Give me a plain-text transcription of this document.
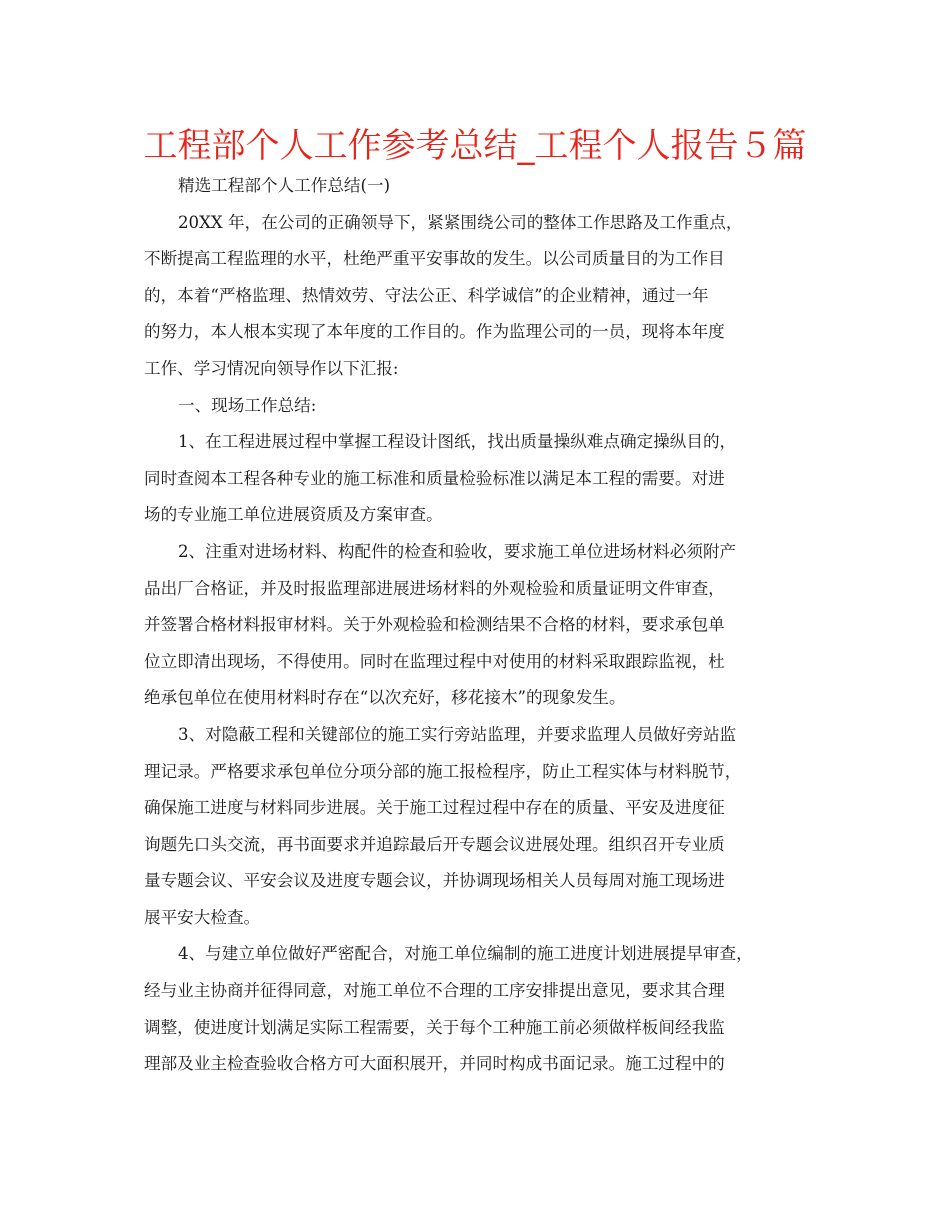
工程部个人工作参考总结_工程个人报告５篇
精选工程部个人工作总结(一)
20XX 年，在公司的正确领导下，紧紧围绕公司的整体工作思路及工作重点，
不断提高工程监理的水平，杜绝严重平安事故的发生。以公司质量目的为工作目
的，本着“严格监理、热情效劳、守法公正、科学诚信”的企业精神，通过一年
的努力，本人根本实现了本年度的工作目的。作为监理公司的一员，现将本年度
工作、学习情况向领导作以下汇报:
一、现场工作总结:
1、在工程进展过程中掌握工程设计图纸，找出质量操纵难点确定操纵目的，
同时查阅本工程各种专业的施工标准和质量检验标准以满足本工程的需要。对进
场的专业施工单位进展资质及方案审查。
2、注重对进场材料、构配件的检查和验收，要求施工单位进场材料必须附产
品出厂合格证，并及时报监理部进展进场材料的外观检验和质量证明文件审查，
并签署合格材料报审材料。关于外观检验和检测结果不合格的材料，要求承包单
位立即清出现场，不得使用。同时在监理过程中对使用的材料采取跟踪监视，杜
绝承包单位在使用材料时存在“以次充好，移花接木”的现象发生。
3、对隐蔽工程和关键部位的施工实行旁站监理，并要求监理人员做好旁站监
理记录。严格要求承包单位分项分部的施工报检程序，防止工程实体与材料脱节，
确保施工进度与材料同步进展。关于施工过程过程中存在的质量、平安及进度征
询题先口头交流，再书面要求并追踪最后开专题会议进展处理。组织召开专业质
量专题会议、平安会议及进度专题会议，并协调现场相关人员每周对施工现场进
展平安大检查。
4、与建立单位做好严密配合，对施工单位编制的施工进度计划进展提早审查，
经与业主协商并征得同意，对施工单位不合理的工序安排提出意见，要求其合理
调整，使进度计划满足实际工程需要，关于每个工种施工前必须做样板间经我监
理部及业主检查验收合格方可大面积展开，并同时构成书面记录。施工过程中的
